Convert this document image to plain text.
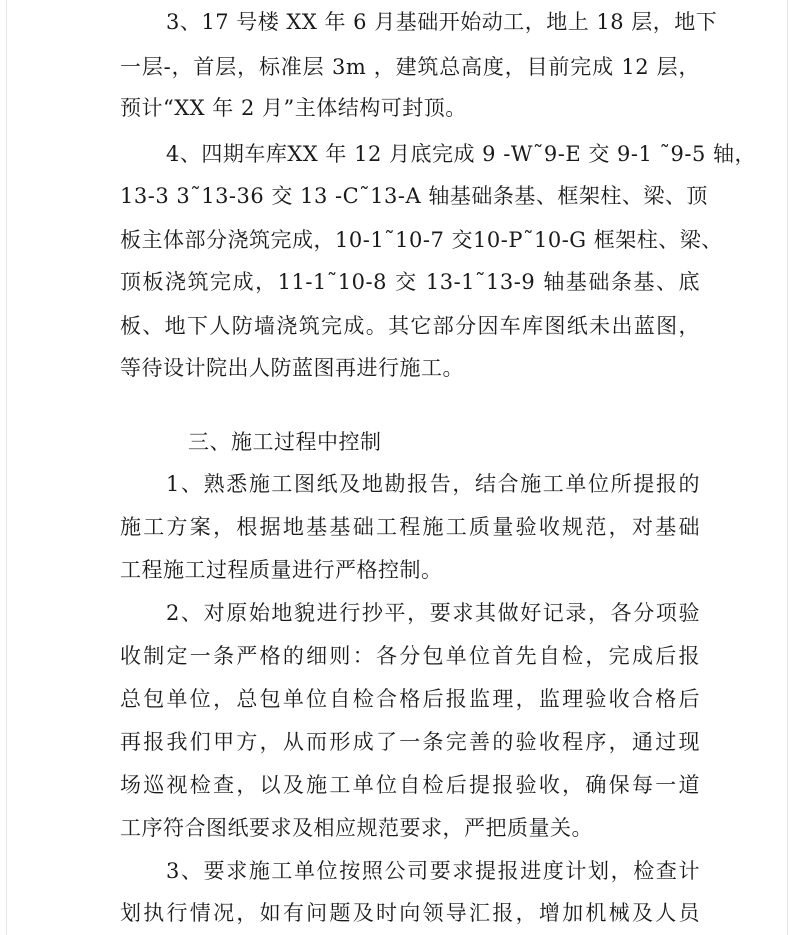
3、17 号楼 XX 年 6 月基础开始动工，地上 18 层，地下
一层-，首层，标准层 3m ，建筑总高度，目前完成 12 层，
预计“XX 年 2 月”主体结构可封顶。
4、四期车库XX 年 12 月底完成 9 -W˜9-E 交 9-1 ˜9-5 轴，
13-3 3˜13-36 交 13 -C˜13-A 轴基础条基、框架柱、梁、顶
板主体部分浇筑完成，10-1˜10-7 交10-P˜10-G 框架柱、梁、
顶板浇筑完成，11-1˜10-8 交 13-1˜13-9 轴基础条基、底
板、地下人防墙浇筑完成。其它部分因车库图纸未出蓝图，
等待设计院出人防蓝图再进行施工。
三、施工过程中控制
1、熟悉施工图纸及地勘报告，结合施工单位所提报的
施工方案，根据地基基础工程施工质量验收规范，对基础
工程施工过程质量进行严格控制。
2、对原始地貌进行抄平，要求其做好记录，各分项验
收制定一条严格的细则：各分包单位首先自检，完成后报
总包单位，总包单位自检合格后报监理，监理验收合格后
再报我们甲方，从而形成了一条完善的验收程序，通过现
场巡视检查，以及施工单位自检后提报验收，确保每一道
工序符合图纸要求及相应规范要求，严把质量关。
3、要求施工单位按照公司要求提报进度计划，检查计
划执行情况，如有问题及时向领导汇报，增加机械及人员
